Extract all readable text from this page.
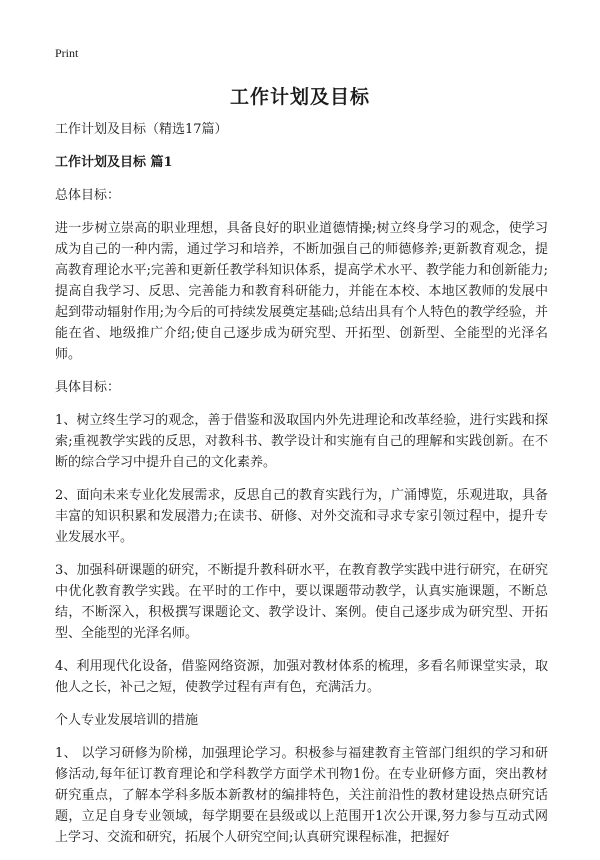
Print
工作计划及目标

工作计划及目标（精选17篇）

工作计划及目标 篇1

总体目标：

进一步树立崇高的职业理想，具备良好的职业道德情操;树立终身学习的观念，使学习成为自己的一种内需，通过学习和培养，不断加强自己的师德修养;更新教育观念，提高教育理论水平;完善和更新任教学科知识体系，提高学术水平、教学能力和创新能力;提高自我学习、反思、完善能力和教育科研能力，并能在本校、本地区教师的发展中起到带动辐射作用;为今后的可持续发展奠定基础;总结出具有个人特色的教学经验，并能在省、地级推广介绍;使自己逐步成为研究型、开拓型、创新型、全能型的光泽名师。

具体目标：

1、树立终生学习的观念，善于借鉴和汲取国内外先进理论和改革经验，进行实践和探索;重视教学实践的反思，对教科书、教学设计和实施有自己的理解和实践创新。在不断的综合学习中提升自己的文化素养。

2、面向未来专业化发展需求，反思自己的教育实践行为，广涌博览，乐观进取，具备丰富的知识积累和发展潜力;在读书、研修、对外交流和寻求专家引领过程中，提升专业发展水平。

3、加强科研课题的研究，不断提升教科研水平，在教育教学实践中进行研究，在研究中优化教育教学实践。在平时的工作中，要以课题带动教学，认真实施课题，不断总结，不断深入，积极撰写课题论文、教学设计、案例。使自己逐步成为研究型、开拓型、全能型的光泽名师。

4、利用现代化设备，借鉴网络资源，加强对教材体系的梳理，多看名师课堂实录，取他人之长，补己之短，使教学过程有声有色，充满活力。

个人专业发展培训的措施

1、 以学习研修为阶梯，加强理论学习。积极参与福建教育主管部门组织的学习和研修活动,每年征订教育理论和学科教学方面学术刊物1份。在专业研修方面，突出教材研究重点，了解本学科多版本新教材的编排特色，关注前沿性的教材建设热点研究话题，立足自身专业领域，每学期要在县级或以上范围开1次公开课,努力参与互动式网上学习、交流和研究，拓展个人研究空间;认真研究课程标准，把握好
